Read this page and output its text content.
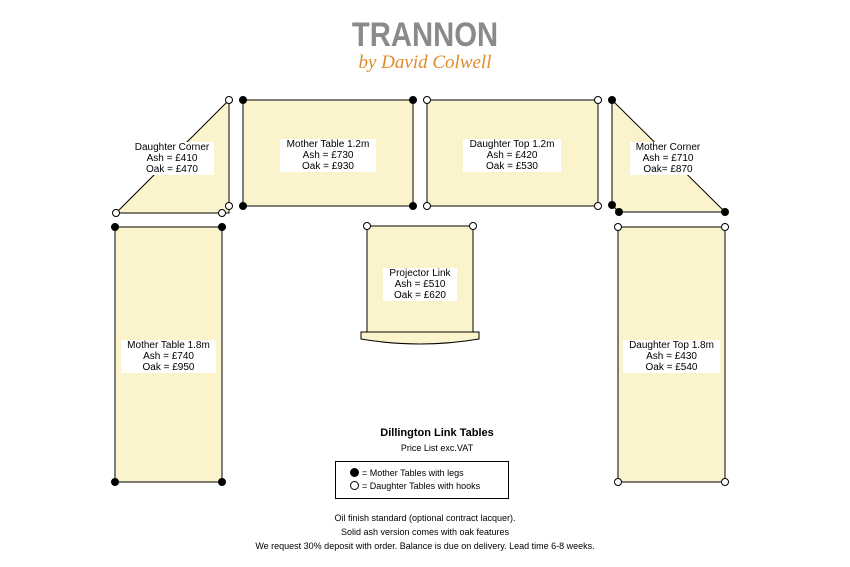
TRANNON
by David Colwell
Daughter Corner
Ash = £410
Oak = £470
Mother Table 1.2m
Ash = £730
Oak = £930
Daughter Top 1.2m
Ash = £420
Oak = £530
Mother Corner
Ash = £710
Oak= £870
Projector Link
Ash = £510
Oak = £620
Mother Table 1.8m
Ash = £740
Oak = £950
Daughter Top 1.8m
Ash = £430
Oak = £540
Dillington Link Tables
Price List exc.VAT
= Mother Tables with legs
= Daughter Tables with hooks
Oil finish standard (optional contract lacquer).
Solid ash version comes with oak features
We request 30% deposit with order. Balance is due on delivery. Lead time 6-8 weeks.
